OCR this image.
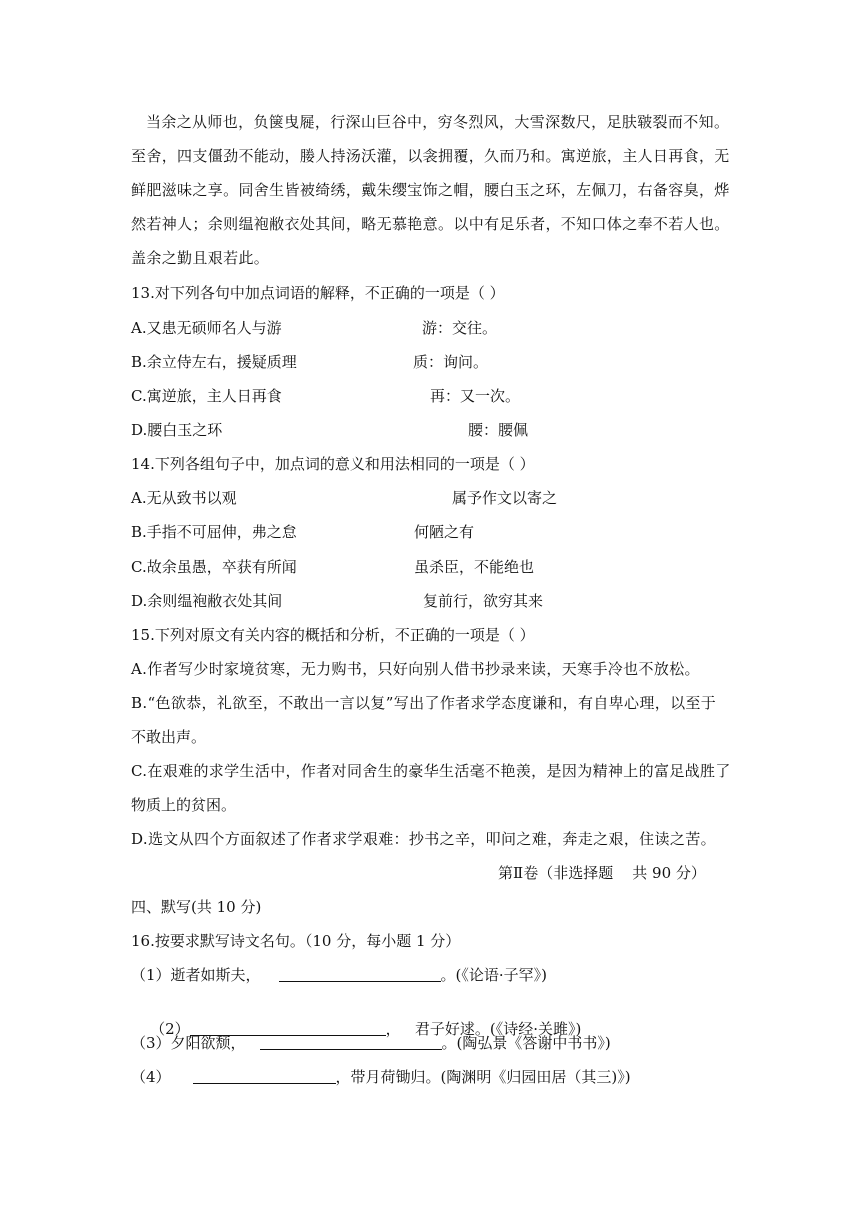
当余之从师也，负箧曳屣，行深山巨谷中，穷冬烈风，大雪深数尺，足肤皲裂而不知。
至舍，四支僵劲不能动，媵人持汤沃灌，以衾拥覆，久而乃和。寓逆旅，主人日再食，无
鲜肥滋味之享。同舍生皆被绮绣，戴朱缨宝饰之帽，腰白玉之环，左佩刀，右备容臭，烨
然若神人；余则缊袍敝衣处其间，略无慕艳意。以中有足乐者，不知口体之奉不若人也。
盖余之勤且艰若此。
13.对下列各句中加点词语的解释，不正确的一项是（ ）
A.又患无硕师名人与游	游：交往。
B.余立侍左右，援疑质理	质：询问。
C.寓逆旅，主人日再食	再：又一次。
D.腰白玉之环	腰：腰佩
14.下列各组句子中，加点词的意义和用法相同的一项是（ ）
A.无从致书以观	属予作文以寄之
B.手指不可屈伸，弗之怠	何陋之有
C.故余虽愚，卒获有所闻	虽杀臣，不能绝也
D.余则缊袍敝衣处其间	复前行，欲穷其来
15.下列对原文有关内容的概括和分析，不正确的一项是（ ）
A.作者写少时家境贫寒，无力购书，只好向别人借书抄录来读，天寒手冷也不放松。
B.“色欲恭，礼欲至，不敢出一言以复”写出了作者求学态度谦和，有自卑心理，以至于
不敢出声。
C.在艰难的求学生活中，作者对同舍生的豪华生活毫不艳羡，是因为精神上的富足战胜了
物质上的贫困。
D.选文从四个方面叙述了作者求学艰难：抄书之辛，叩问之难，奔走之艰，住读之苦。
第Ⅱ卷（非选择题    共 90 分）
四、默写(共 10 分)
16.按要求默写诗文名句。（10 分，每小题 1 分）
（1）逝者如斯夫，	。(《论语·子罕》)

（2）	，   君子好逑。(《诗经·关雎》)

（3）夕阳欲颓，	。(陶弘景《答谢中书书》)
（4）	，带月荷锄归。(陶渊明《归园田居（其三)》)
